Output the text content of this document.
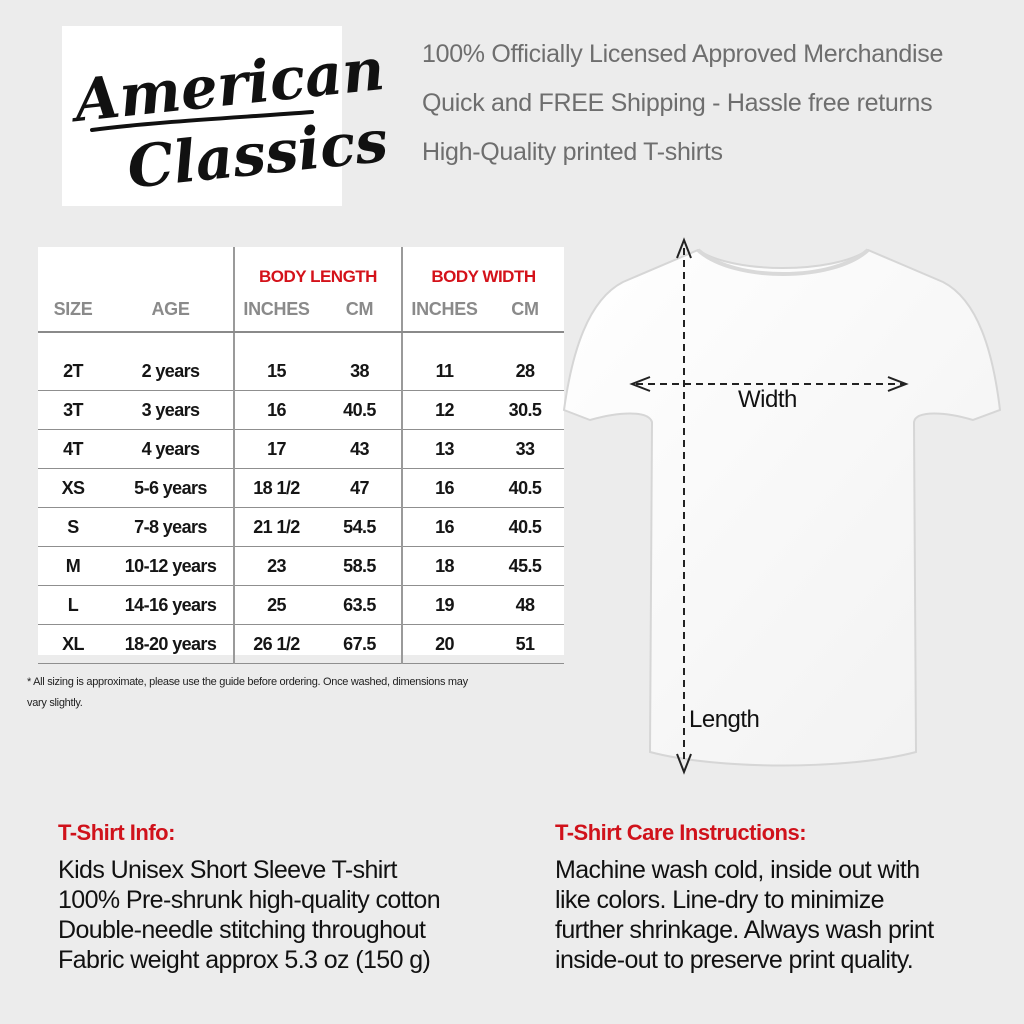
American
Classics
100% Officially Licensed Approved Merchandise
Quick and FREE Shipping - Hassle free returns
High-Quality printed T-shirts
		BODY LENGTH		BODY WIDTH	
SIZE	AGE	INCHES	CM	INCHES	CM

2T	2 years	15	38	11	28
3T	3 years	16	40.5	12	30.5
4T	4 years	17	43	13	33
XS	5-6 years	18 1/2	47	16	40.5
S	7-8 years	21 1/2	54.5	16	40.5
M	10-12 years	23	58.5	18	45.5
L	14-16 years	25	63.5	19	48
XL	18-20 years	26 1/2	67.5	20	51
* All sizing is approximate, please use the guide before ordering. Once washed, dimensions may vary slightly.
Width
Length
T-Shirt Info:
Kids Unisex Short Sleeve T-shirt
100% Pre-shrunk high-quality cotton
Double-needle stitching throughout
Fabric weight approx 5.3 oz (150 g)
T-Shirt Care Instructions:
Machine wash cold, inside out with
like colors. Line-dry to minimize
further shrinkage. Always wash print
inside-out to preserve print quality.
